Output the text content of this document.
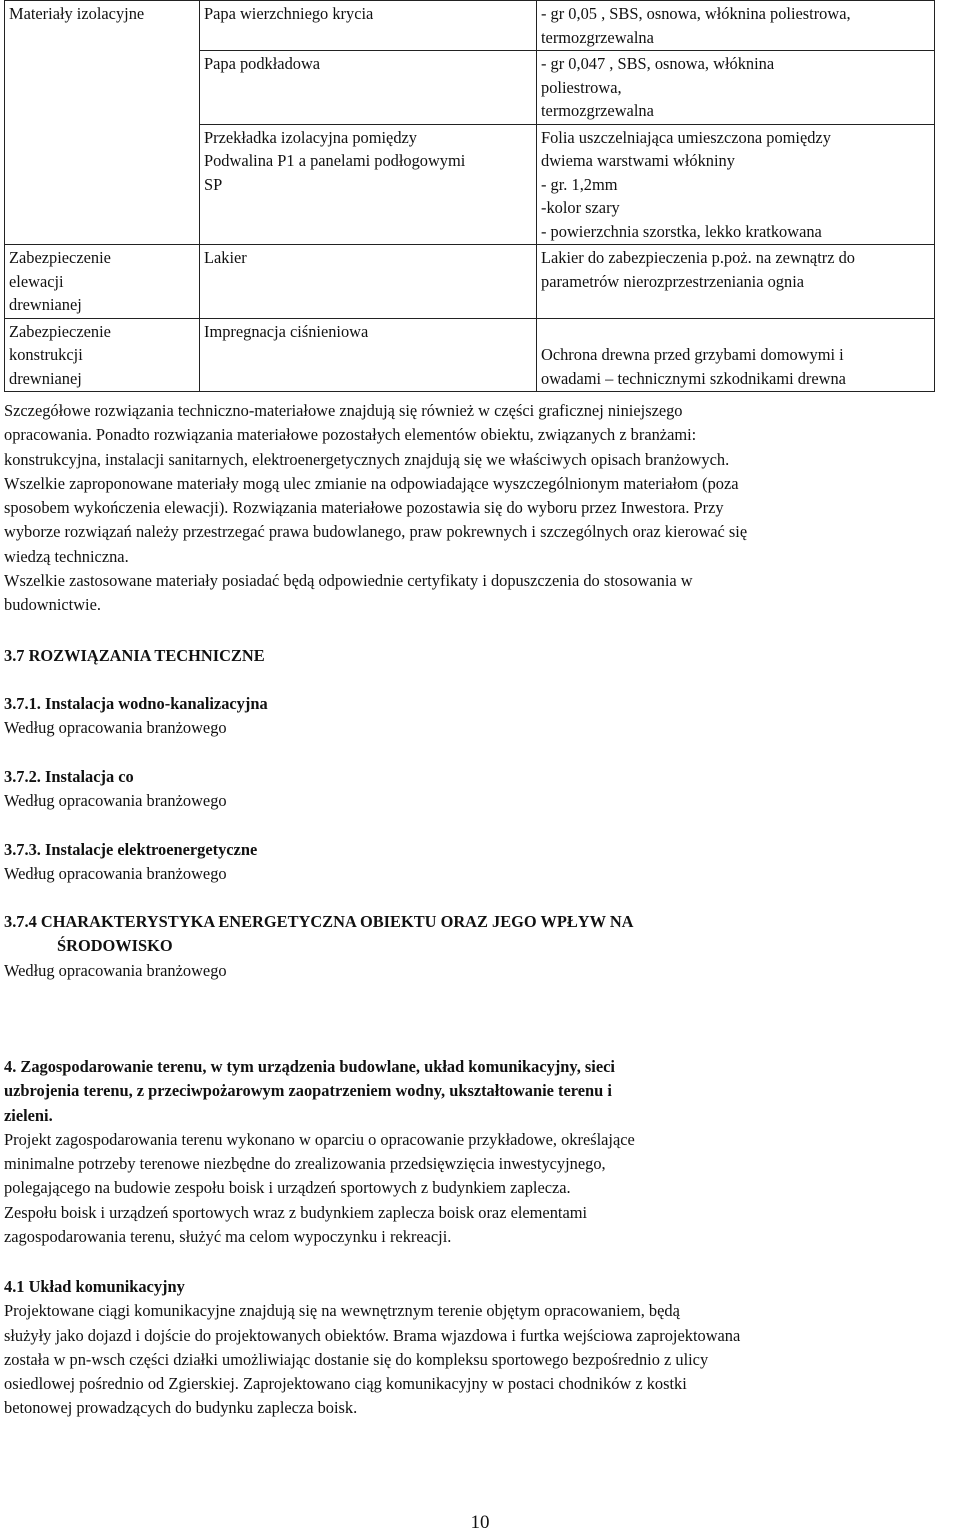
Materiały izolacyjne	Papa wierzchniego krycia	- gr 0,05 , SBS, osnowa, włóknina poliestrowa,
termozgrzewalna

	Papa podkładowa	- gr 0,047 , SBS, osnowa, włóknina
poliestrowa,
termozgrzewalna

	Przekładka izolacyjna pomiędzy
Podwalina P1 a panelami podłogowymi
SP	Folia uszczelniająca umieszczona pomiędzy
dwiema warstwami włókniny
- gr. 1,2mm
-kolor szary
- powierzchnia szorstka, lekko kratkowana

Zabezpieczenie
elewacji
drewnianej	Lakier	Lakier do zabezpieczenia p.poż. na zewnątrz do
parametrów nierozprzestrzeniania ognia

Zabezpieczenie
konstrukcji
drewnianej	Impregnacja ciśnieniowa	Ochrona drewna przed grzybami domowymi i
owadami – technicznymi szkodnikami drewna
Szczegółowe rozwiązania techniczno-materiałowe znajdują się również w części graficznej niniejszego
opracowania. Ponadto rozwiązania materiałowe pozostałych elementów obiektu, związanych z branżami:
konstrukcyjna, instalacji sanitarnych, elektroenergetycznych znajdują się we właściwych opisach branżowych.
Wszelkie zaproponowane materiały mogą ulec zmianie na odpowiadające wyszczególnionym materiałom (poza
sposobem wykończenia elewacji). Rozwiązania materiałowe pozostawia się do wyboru przez Inwestora. Przy
wyborze rozwiązań należy przestrzegać prawa budowlanego, praw pokrewnych i szczególnych oraz kierować się
wiedzą techniczna.
Wszelkie zastosowane materiały posiadać będą odpowiednie certyfikaty i dopuszczenia do stosowania w
budownictwie.
3.7 ROZWIĄZANIA TECHNICZNE
3.7.1. Instalacja wodno-kanalizacyjna
Według opracowania branżowego
3.7.2. Instalacja co
Według opracowania branżowego
3.7.3. Instalacje elektroenergetyczne
Według opracowania branżowego
3.7.4 CHARAKTERYSTYKA ENERGETYCZNA OBIEKTU ORAZ JEGO WPŁYW NA
ŚRODOWISKO
Według opracowania branżowego
4. Zagospodarowanie terenu, w tym urządzenia budowlane, układ komunikacyjny, sieci
uzbrojenia terenu, z przeciwpożarowym zaopatrzeniem wodny, ukształtowanie terenu i
zieleni.
Projekt zagospodarowania terenu wykonano w oparciu o opracowanie przykładowe, określające
minimalne potrzeby terenowe niezbędne do zrealizowania przedsięwzięcia inwestycyjnego,
polegającego na budowie zespołu boisk i urządzeń sportowych z budynkiem zaplecza.
Zespołu boisk i urządzeń sportowych wraz z budynkiem zaplecza boisk oraz elementami
zagospodarowania terenu, służyć ma celom wypoczynku i rekreacji.
4.1 Układ komunikacyjny
Projektowane ciągi komunikacyjne znajdują się na wewnętrznym terenie objętym opracowaniem, będą
służyły jako dojazd i dojście do projektowanych obiektów. Brama wjazdowa i furtka wejściowa zaprojektowana
została w pn-wsch części działki umożliwiając dostanie się do kompleksu sportowego bezpośrednio z ulicy
osiedlowej pośrednio od Zgierskiej. Zaprojektowano ciąg komunikacyjny w postaci chodników z kostki
betonowej prowadzących do budynku zaplecza boisk.
10
